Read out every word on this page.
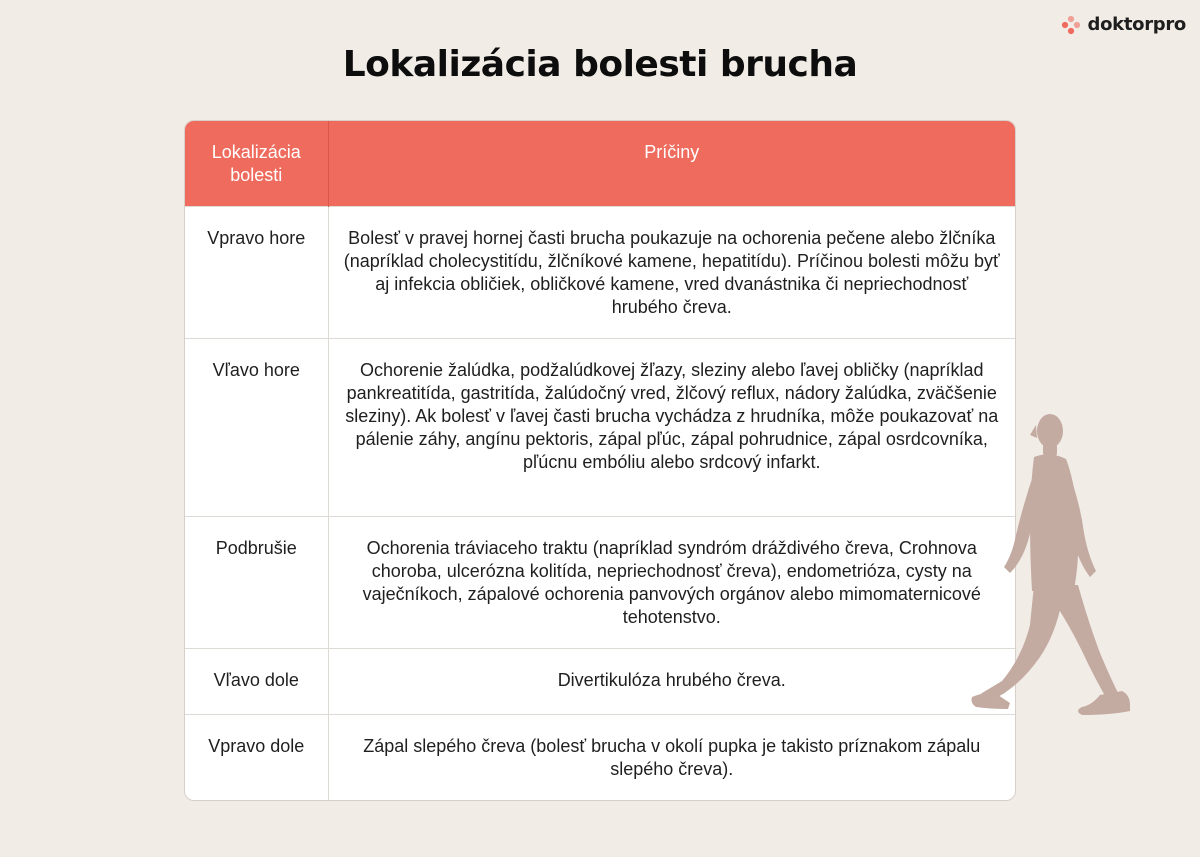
doktorpro
Lokalizácia bolesti brucha
Lokalizácia bolesti	Príčiny

Vpravo hore	Bolesť v pravej hornej časti brucha poukazuje na ochorenia pečene alebo žlčníka (napríklad cholecystitídu, žlčníkové kamene, hepatitídu). Príčinou bolesti môžu byť aj infekcia obličiek, obličkové kamene, vred dvanástnika či nepriechodnosť hrubého čreva.

Vľavo hore	Ochorenie žalúdka, podžalúdkovej žľazy, sleziny alebo ľavej obličky (napríklad pankreatitída, gastritída, žalúdočný vred, žlčový reflux, nádory žalúdka, zväčšenie sleziny). Ak bolesť v ľavej časti brucha vychádza z hrudníka, môže poukazovať na pálenie záhy, angínu pektoris, zápal pľúc, zápal pohrudnice, zápal osrdcovníka, pľúcnu embóliu alebo srdcový infarkt.

Podbrušie	Ochorenia tráviaceho traktu (napríklad syndróm dráždivého čreva, Crohnova choroba, ulcerózna kolitída, nepriechodnosť čreva), endometrióza, cysty na vaječníkoch, zápalové ochorenia panvových orgánov alebo mimomaternicové tehotenstvo.

Vľavo dole	Divertikulóza hrubého čreva.

Vpravo dole	Zápal slepého čreva (bolesť brucha v okolí pupka je takisto príznakom zápalu slepého čreva).
